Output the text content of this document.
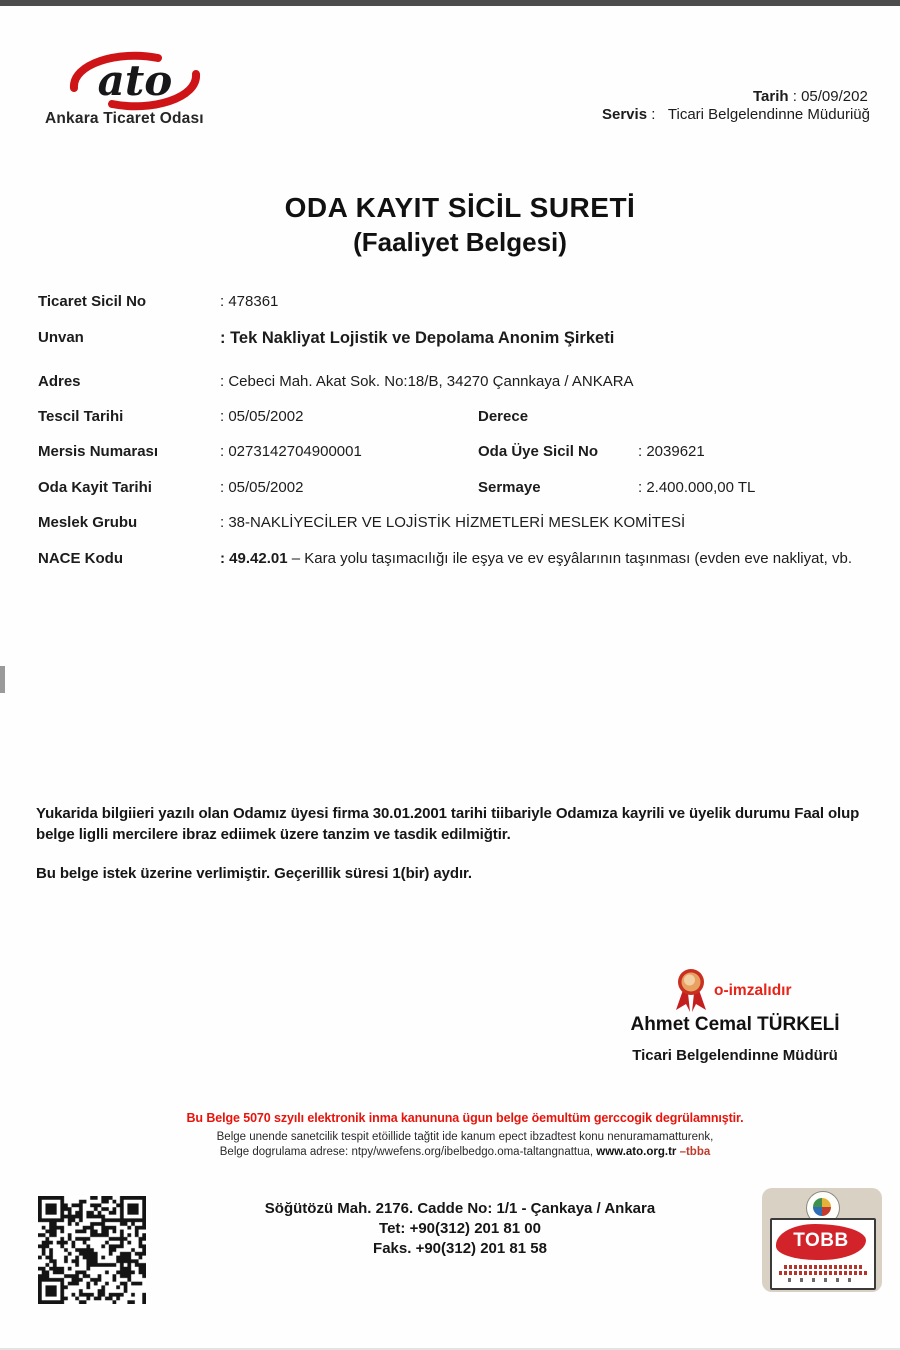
ato
Ankara Ticaret Odası
Tarih : 05/09/202
Servis : Ticari Belgelendinne Müduriüğ
ODA KAYIT SİCİL SURETİ
(Faaliyet Belgesi)
Ticaret Sicil No	: 478361
Unvan	: Tek Nakliyat Lojistik ve Depolama Anonim Şirketi
Adres	: Cebeci Mah. Akat Sok. No:18/B, 34270 Çannkaya / ANKARA
Tescil Tarihi	: 05/05/2002	Derece
Mersis Numarası	: 0273142704900001	Oda Üye Sicil No	: 2039621
Oda Kayit Tarihi	: 05/05/2002	Sermaye	: 2.400.000,00 TL
Meslek Grubu	: 38-NAKLİYECİLER VE LOJİSTİK HİZMETLERİ MESLEK KOMİTESİ
NACE Kodu	: 49.42.01 – Kara yolu taşımacılığı ile eşya ve ev eşyâlarının taşınması (evden eve nakliyat, vb.
Yukarida bilgiieri yazılı olan Odamız üyesi firma 30.01.2001 tarihi tiibariyle Odamıza kayrili ve üyelik durumu Faal olup belge liglli mercilere ibraz ediimek üzere tanzim ve tasdik edilmiğtir.
Bu belge istek üzerine verlimiştir. Geçerillik süresi 1(bir) aydır.
o-imzalıdır
Ahmet Cemal TÜRKELİ
Ticari Belgelendinne Müdürü
Bu Belge 5070 szyılı elektronik inma kanununa ügun belge öemultüm gerccogik degrülamnıştir.
Belge unende sanetcilik tespit etöillide tağtit ide kanum epect ibzadtest konu nenuramamatturenk,
Belge dogrulama adrese: ntpy/wwefens.org/ibelbedgo.oma-taltangnattua, www.ato.org.tr –tbba
Söğütözü Mah. 2176. Cadde No: 1/1 - Çankaya / Ankara
Tet: +90(312) 201 81 00
Faks. +90(312) 201 81 58	TOBB
